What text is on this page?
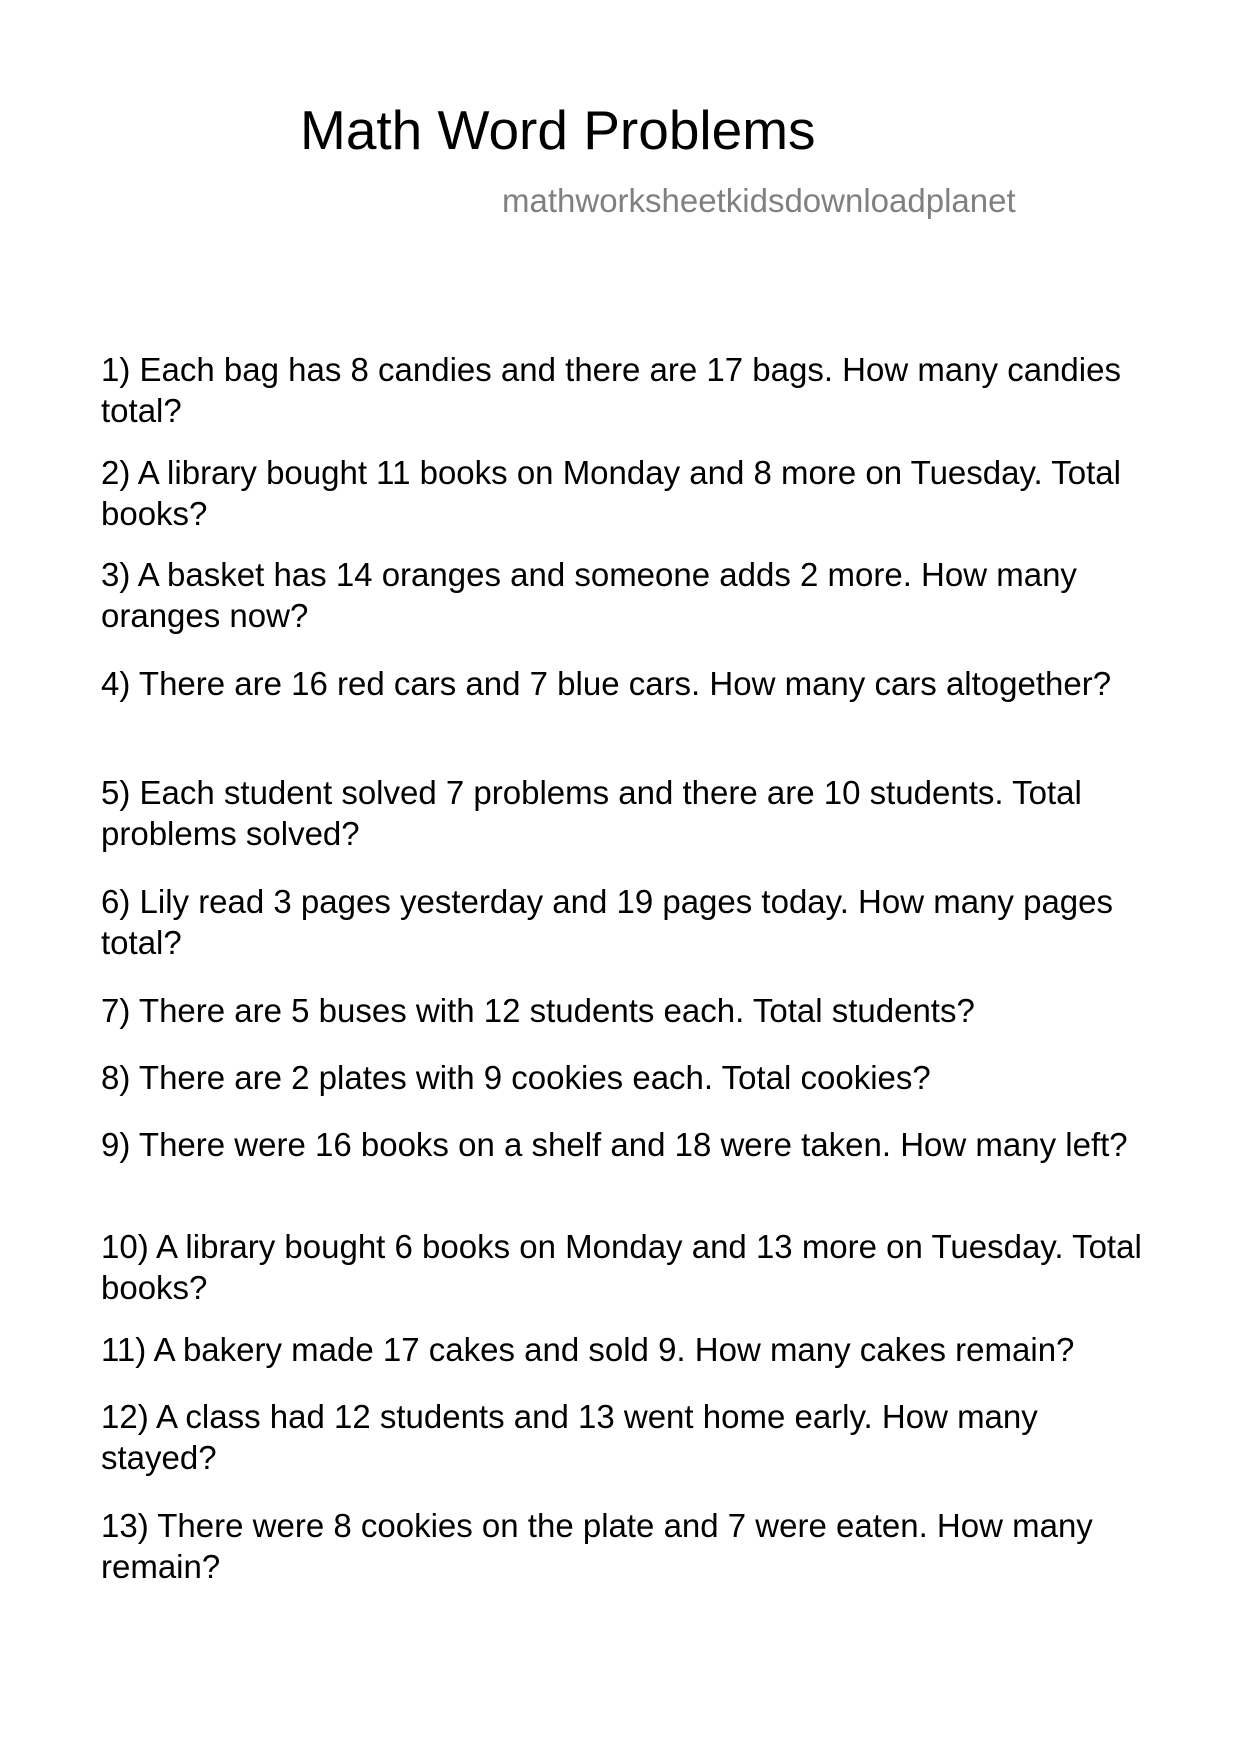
Math Word Problems
mathworksheetkidsdownloadplanet

1) Each bag has 8 candies and there are 17 bags. How many candies total?

2) A library bought 11 books on Monday and 8 more on Tuesday. Total books?

3) A basket has 14 oranges and someone adds 2 more. How many oranges now?

4) There are 16 red cars and 7 blue cars. How many cars altogether?

5) Each student solved 7 problems and there are 10 students. Total problems solved?

6) Lily read 3 pages yesterday and 19 pages today. How many pages total?

7) There are 5 buses with 12 students each. Total students?

8) There are 2 plates with 9 cookies each. Total cookies?

9) There were 16 books on a shelf and 18 were taken. How many left?

10) A library bought 6 books on Monday and 13 more on Tuesday. Total books?

11) A bakery made 17 cakes and sold 9. How many cakes remain?

12) A class had 12 students and 13 went home early. How many stayed?

13) There were 8 cookies on the plate and 7 were eaten. How many remain?
